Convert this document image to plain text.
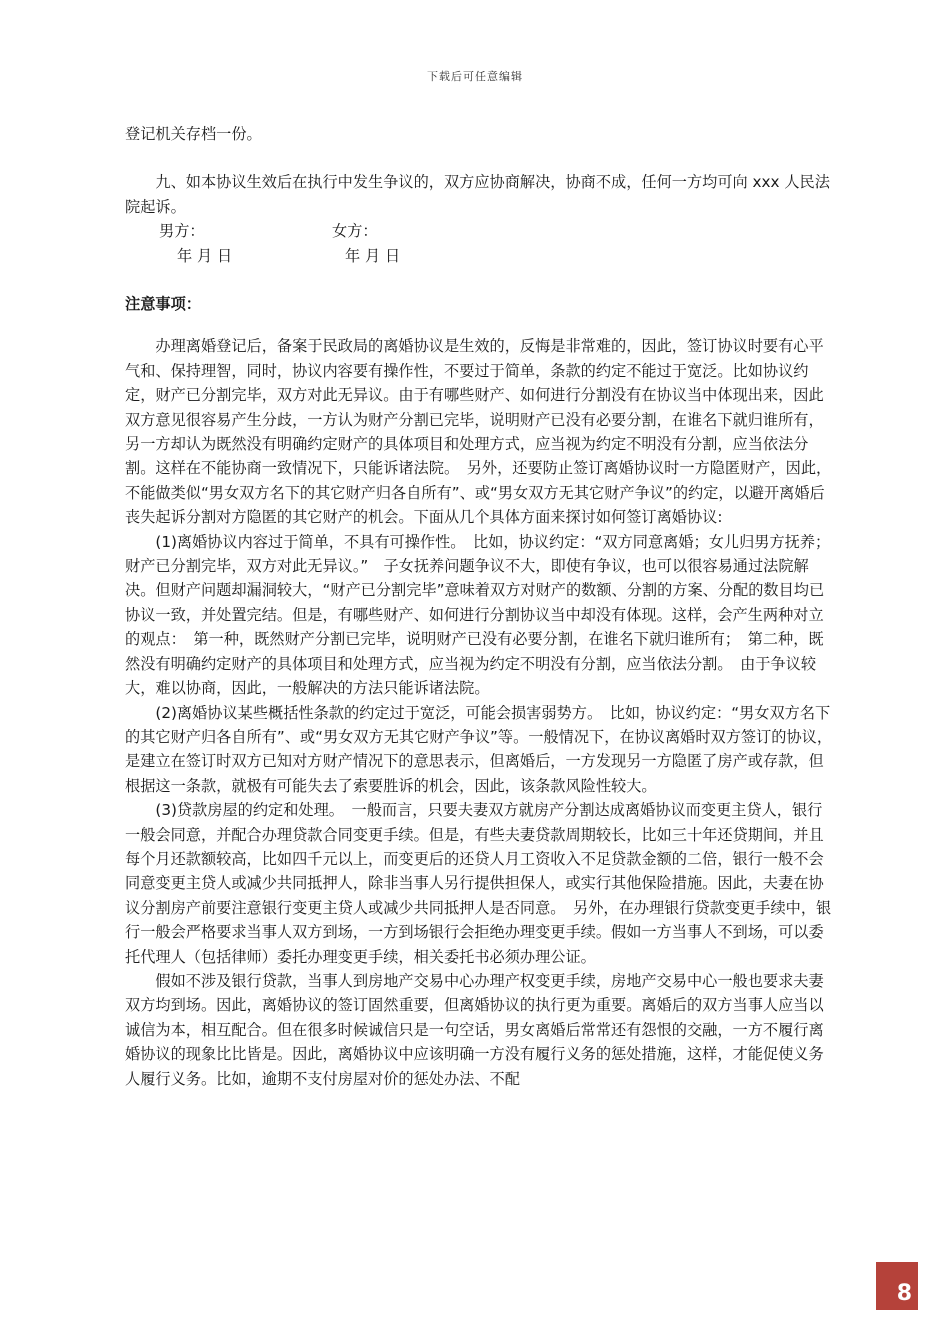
下载后可任意编辑

登记机关存档一份。

九、如本协议生效后在执行中发生争议的，双方应协商解决，协商不成，任何一方均可向 xxx 人民法院起诉。

男方：	女方：
年 月 日	年 月 日

注意事项：

办理离婚登记后，备案于民政局的离婚协议是生效的，反悔是非常难的，因此，签订协议时要有心平气和、保持理智，同时，协议内容要有操作性，不要过于简单，条款的约定不能过于宽泛。比如协议约定，财产已分割完毕，双方对此无异议。由于有哪些财产、如何进行分割没有在协议当中体现出来，因此双方意见很容易产生分歧，一方认为财产分割已完毕，说明财产已没有必要分割，在谁名下就归谁所有，另一方却认为既然没有明确约定财产的具体项目和处理方式，应当视为约定不明没有分割，应当依法分割。这样在不能协商一致情况下，只能诉诸法院。　另外，还要防止签订离婚协议时一方隐匿财产，因此，不能做类似“男女双方名下的其它财产归各自所有”、或“男女双方无其它财产争议”的约定，以避开离婚后丧失起诉分割对方隐匿的其它财产的机会。下面从几个具体方面来探讨如何签订离婚协议:

(1)离婚协议内容过于简单，不具有可操作性。　比如，协议约定：“双方同意离婚；女儿归男方抚养；财产已分割完毕，双方对此无异议。”　子女抚养问题争议不大，即使有争议，也可以很容易通过法院解决。但财产问题却漏洞较大，“财产已分割完毕”意味着双方对财产的数额、分割的方案、分配的数目均已协议一致，并处置完结。但是，有哪些财产、如何进行分割协议当中却没有体现。这样，会产生两种对立的观点：　第一种，既然财产分割已完毕，说明财产已没有必要分割，在谁名下就归谁所有；　第二种，既然没有明确约定财产的具体项目和处理方式，应当视为约定不明没有分割，应当依法分割。　由于争议较大，难以协商，因此，一般解决的方法只能诉诸法院。

(2)离婚协议某些概括性条款的约定过于宽泛，可能会损害弱势方。　比如，协议约定：“男女双方名下的其它财产归各自所有”、或“男女双方无其它财产争议”等。一般情况下，在协议离婚时双方签订的协议，是建立在签订时双方已知对方财产情况下的意思表示，但离婚后，一方发现另一方隐匿了房产或存款，但根据这一条款，就极有可能失去了索要胜诉的机会，因此，该条款风险性较大。

(3)贷款房屋的约定和处理。　一般而言，只要夫妻双方就房产分割达成离婚协议而变更主贷人，银行一般会同意，并配合办理贷款合同变更手续。但是，有些夫妻贷款周期较长，比如三十年还贷期间，并且每个月还款额较高，比如四千元以上，而变更后的还贷人月工资收入不足贷款金额的二倍，银行一般不会同意变更主贷人或减少共同抵押人，除非当事人另行提供担保人，或实行其他保险措施。因此，夫妻在协议分割房产前要注意银行变更主贷人或减少共同抵押人是否同意。　另外，在办理银行贷款变更手续中，银行一般会严格要求当事人双方到场，一方到场银行会拒绝办理变更手续。假如一方当事人不到场，可以委托代理人（包括律师）委托办理变更手续，相关委托书必须办理公证。

假如不涉及银行贷款，当事人到房地产交易中心办理产权变更手续，房地产交易中心一般也要求夫妻双方均到场。因此，离婚协议的签订固然重要，但离婚协议的执行更为重要。离婚后的双方当事人应当以诚信为本，相互配合。但在很多时候诚信只是一句空话，男女离婚后常常还有怨恨的交融，一方不履行离婚协议的现象比比皆是。因此，离婚协议中应该明确一方没有履行义务的惩处措施，这样，才能促使义务人履行义务。比如，逾期不支付房屋对价的惩处办法、不配

8
